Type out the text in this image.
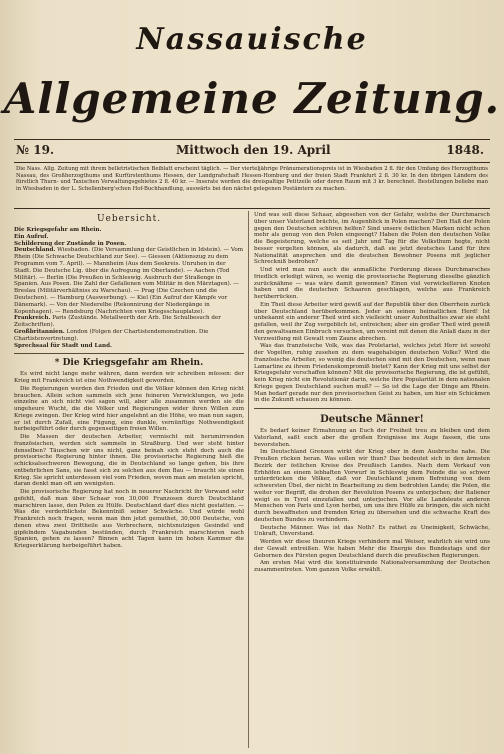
Nassauische
Allgemeine Zeitung.
№ 19.	Mittwoch den 19. April	1848.
Die Nass. Allg. Zeitung mit ihrem belletristischen Beiblatt erscheint täglich. — Der vierteljährige Pränumerationspreis ist in Wiesbaden 2 fl. für den Umfang des Herzogthums Nassau, des Großherzogthums und Kurfürstenthums Hessen, der Landgrafschaft Hessen-Homburg und der freien Stadt Frankfurt 2 fl. 30 kr. In den übrigen Ländern des fürstlich Thurn- und Taxischen Verwaltungsgebietes 2 fl. 40 kr. — Inserate werden die dreispaltige Petitzeile oder deren Raum mit 3 kr. berechnet. Bestellungen beliebe man in Wiesbaden in der L. Schellenberg'schen Hof-Buchhandlung, auswärts bei den nächst gelegenen Postämtern zu machen.
Uebersicht.

Die Kriegsgefahr am Rhein.

Ein Aufruf.

Schilderung der Zustände in Posen.

Deutschland. Wiesbaden. (Die Versammlung der Geistlichen in Idstein). — Vom Rhein (Die Schwache Deutschland zur See). — Giessen (Aktionszug zu dem Programm vom 7. April). — Mannheim (Aus dem Seekreis. Unruhen in der Stadt. Die Deutsche Lig. über die Aufregung im Oberlande). — Aachen (Tod Militär). — Berlin (Die Preußen in Schleswig. Ausbruch der Straßenge in Spanien. Aus Posen. Die Zahl der Gefallenen vom Militär in den Märztagen). — Breslau (Militärverhältniss zu Warschau). — Prag (Die Czechen und die Deutschen). — Hamburg (Auswerbung). — Kiel (Ein Aufruf der Kämpfe vor Dänemark). — Von der Niederelbe (Rekonnirung der Niedergänge in Kopenhagen). — Rendsburg (Nachrichten vom Kriegsschauplatze).

Frankreich. Paris (Zustände. Metallwerth der Arb. Die Schulbesuch der Zeitschriften).

Großbritannien. London (Folgen der Chartistendemonstration. Die Chartistenvertretung).

Sprechsaal für Stadt und Land.

* Die Kriegsgefahr am Rhein.

Es wird nicht lange mehr währen, dann werden wir schreiben müssen: der Krieg mit Frankreich ist eine Nothwendigkeit geworden.

Die Regierungen werden den Frieden und die Völker können den Krieg nicht brauchen. Allein schon sammeln sich jene feineren Verwicklungen, wo jede einzelne an sich nicht viel sagen will, aber alle zusammen werden sie die ungeheure Wucht, die die Völker und Regierungen wider ihren Willen zum Kriege zwingen. Der Krieg wird hier angelehnt an die Höhe, wo man nun sagen, er ist durch Zufall, eine Fügung, eine dunkle, vernünftige Nothwendigkeit herbeigeführt oder durch gegenseitigen freien Willen.

Die Massen der deutschen Arbeiter, vermischt mit herumirrenden französischen, werden sich sammeln in Straßburg. Und wer steht hinter denselben? Täuschen wir uns nicht, ganz beinah sich steht doch auch die provisorische Regierung hinter ihnen. Die provisorische Regierung hieß die schicksalsschweren Bewegung, die in Deutschland so lange gehen, bis ihre entbehrlichen Sans, sie fasst sich zu solchen aus dem Bau — braucht sie einen Krieg. Sie spricht unterdessen viel vom Frieden, wovon man am meisten spricht, daran denkt man oft am wenigsten.

Die provisorische Regierung hat noch in neuerer Nachricht ihr Vorwand sehr gefehlt, daß man über Schaar von 30,000 Franzosen durch Deutschland marschiren lasse, den Polen zu Hülfe. Deutschland darf dies nicht gestatten. — Was die verderblichste Bekenntniß seiner Schwäche. Und würde wohl Frankreich noch fragen, wenn man ihm jetzt gemuthet, 30,000 Deutsche, von denen etwa zwei Drittheile aus Verbrechern, nichtsnutzigen Gesindel und gipfelndem Vagabunden bestünden, durch Frankreich marschieren nach Spanien, gehen zu lassen? Binnen acht Tagen kann im hohen Kammer die Kriegserklärung herbeigeführt haben.

Und was soll diese Schaar, abgesehen von der Gefahr, welche der Durchmarsch über unser Vaterland brächte, im Augenblick in Polen machen? Den Haß der Polen gegen den Deutschen schüren helfen? Sind unsere östlichen Marken nicht schon mehr als genug von den Polen eingeengt? Haben die Polen den deutschen Volke die Begeisterung, welche es seit Jahr und Tag für die Volksthum hegte, nicht besser vergelten können, als dadurch, daß sie jetzt deutsches Land für ihre Nationalität ansprechen und die deutschen Bewohner Posens mit jeglicher Schreckniß bedrohen?

Und wird man nun auch die anmaßliche Forderung dieses Durchmarsches friedlich erledigt wären, so wenig die provisorische Regierung dieselbe gänzlich zurücknähme — was wäre damit gewonnen? Einen viel verwickelteren Knoten haben und die deutschen Schaaren geschlagen, welche aus Frankreich herüberrücken.

Ein Theil diese Arbeiter wird gewiß auf der Republik über den Oberrhein zurück über Deutschland herüberkommen. Jeder an seinen heimatlichen Herd! Ist unbekannt ein anderer Theil wird sich vielleicht unser Aufenthaltes zwar sie steht gefallen, weil ihr Zug vergeblich ist, entreichen; aber ein großer Theil wird gewiß den gewaltsamen Einbruch versuchen, um vereint mit denen die Anlaß dazu in der Verzweiflung mit Gewalt vom Zaune abrechen.

Was das französische Volk, was das Proletariat, welches jetzt Herr ist sowohl der Vogelfen, ruhig zusehen zu dem wagehalsigen deutschen Volke? Wird die französische Arbeiter, so wenig die deutschen sind mit den Deutschen, wenn man Lamartine zu ihrem Friedenskompromiß bietet? Kann der Krieg mit uns selbst der Kriegsgefahr verschaffen können? Mit die provisorische Regierung, die ist gefühlt, kein Krieg nicht ein Revolutionär darin, welche ihre Popularität in dem nationalen Kriege gegen Deutschland suchen muß? — So ist die Lage der Dinge am Rhein. Man bedarf gerade nur den provisorischen Geist zu haben, um hier ein Schickmen in die Zukunft schauen zu können.

Deutsche Männer!

Es bedarf keiner Ermahnung an Euch der Freiheit treu zu bleiben und dem Vaterland, saßt euch aber die großen Ereignisse ins Auge fassen, die uns bevorstehen.

Im Deutschland Grenzen wirkt der Krieg ober in dem Ausbruche nahe. Die Preußen rücken heran. Was sollen wir thun? Das bedeutet sich in den ärmsten Bezirk der östlichen Kreise des Preußisch Landes. Nach dem Verkauf von Erbhöfen an einem lebhaften Vorwurf in Schleswig dem Feinde die so schwer unterdrücken die Völker, daß vor Deutschland jenem Befreiung von dem schwersten Übel, der nicht in Bearbeitung zu dem bedrohten Lande; die Polen, die weiter vor Begriff, die drohen der Revolution Posens zu unterjochen; der Italiener weigt es in Tyrol einzufallen und unterjochen. Vor alle Landsleute anderen Menschen von Paris und Lyon herbei, um uns ihre Hülfe zu bringen, die sich nicht durch bewaffneten und fremden Krieg zu übersehen und die schwache Kraft des deutschen Bundes zu verhindern.

Deutsche Männer. Was ist das Noth? Es rathet zu Uneinigkeit, Schwäche, Unkraft, Unverstand.

Werden wir diese theuren Kriege verhindern mal Weiser, wahrlich sie wird uns der Gewalt entreißen. Wie haben Mehr die Energie des Bundestags und der Gebornen des Fürsten gegen Deutschland durch die preußischen Regierungen.

Am ersten Mai wird die konstituirende Nationalversammlung der Deutschen zusammentreten. Vom ganzen Volke erwählt.
